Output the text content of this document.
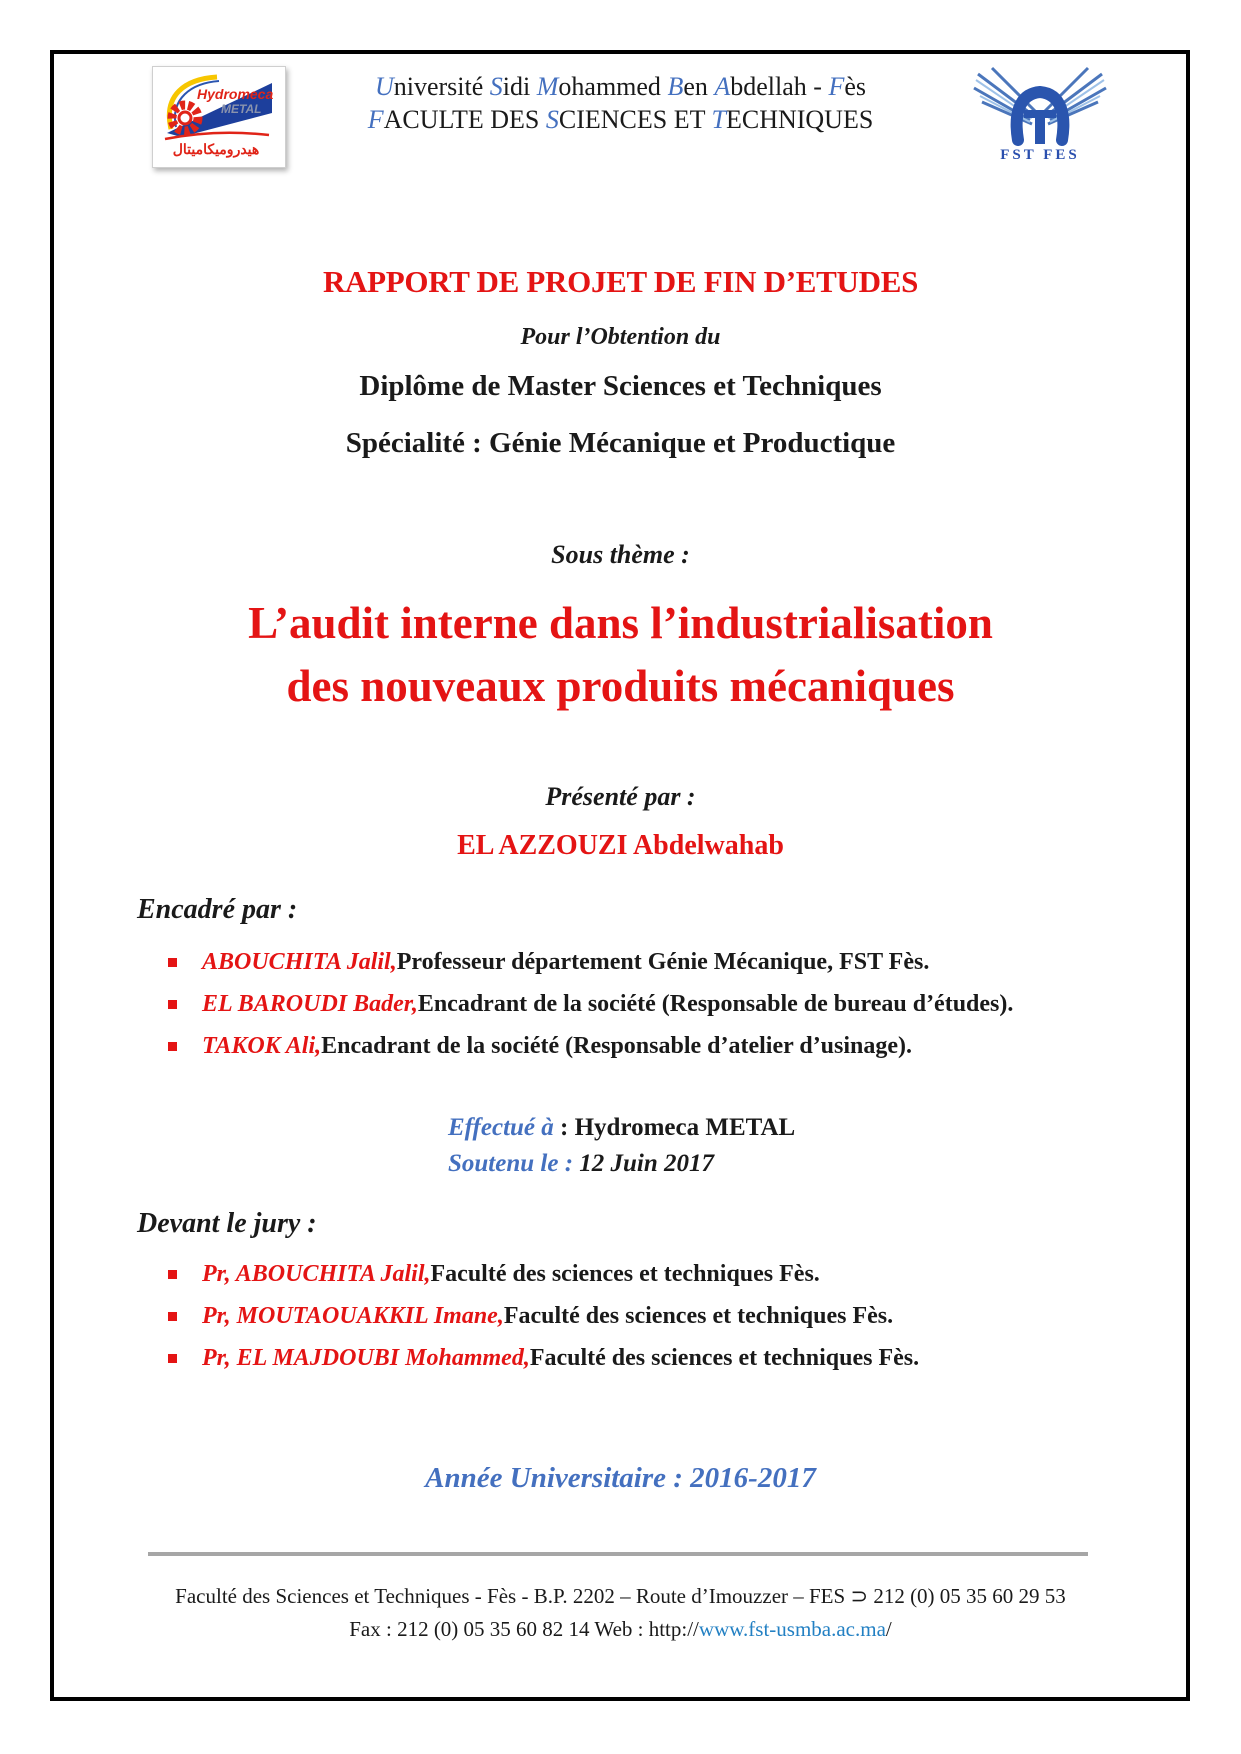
Hydromeca
METAL
هيدروميكاميتال
Université Sidi Mohammed Ben Abdellah - Fès
FACULTE DES SCIENCES ET TECHNIQUES
FST FES
RAPPORT DE PROJET DE FIN D’ETUDES
Pour l’Obtention du
Diplôme de Master Sciences et Techniques
Spécialité : Génie Mécanique et Productique
Sous thème :
L’audit interne dans l’industrialisation
des nouveaux produits mécaniques
Présenté par :
EL AZZOUZI Abdelwahab
Encadré par :
ABOUCHITA Jalil, Professeur département Génie Mécanique, FST Fès.
EL BAROUDI Bader, Encadrant de la société (Responsable de bureau d’études).
TAKOK Ali, Encadrant de la société (Responsable d’atelier d’usinage).
Effectué à : Hydromeca METAL
Soutenu le : 12 Juin 2017
Devant le jury :
Pr, ABOUCHITA Jalil, Faculté des sciences et techniques Fès.
Pr, MOUTAOUAKKIL Imane, Faculté des sciences et techniques Fès.
Pr, EL MAJDOUBI Mohammed, Faculté des sciences et techniques Fès.
Année Universitaire : 2016-2017
Faculté des Sciences et Techniques - Fès - B.P. 2202 – Route d’Imouzzer – FES ⊃ 212 (0) 05 35 60 29 53
Fax : 212 (0) 05 35 60 82 14 Web : http://www.fst-usmba.ac.ma/
